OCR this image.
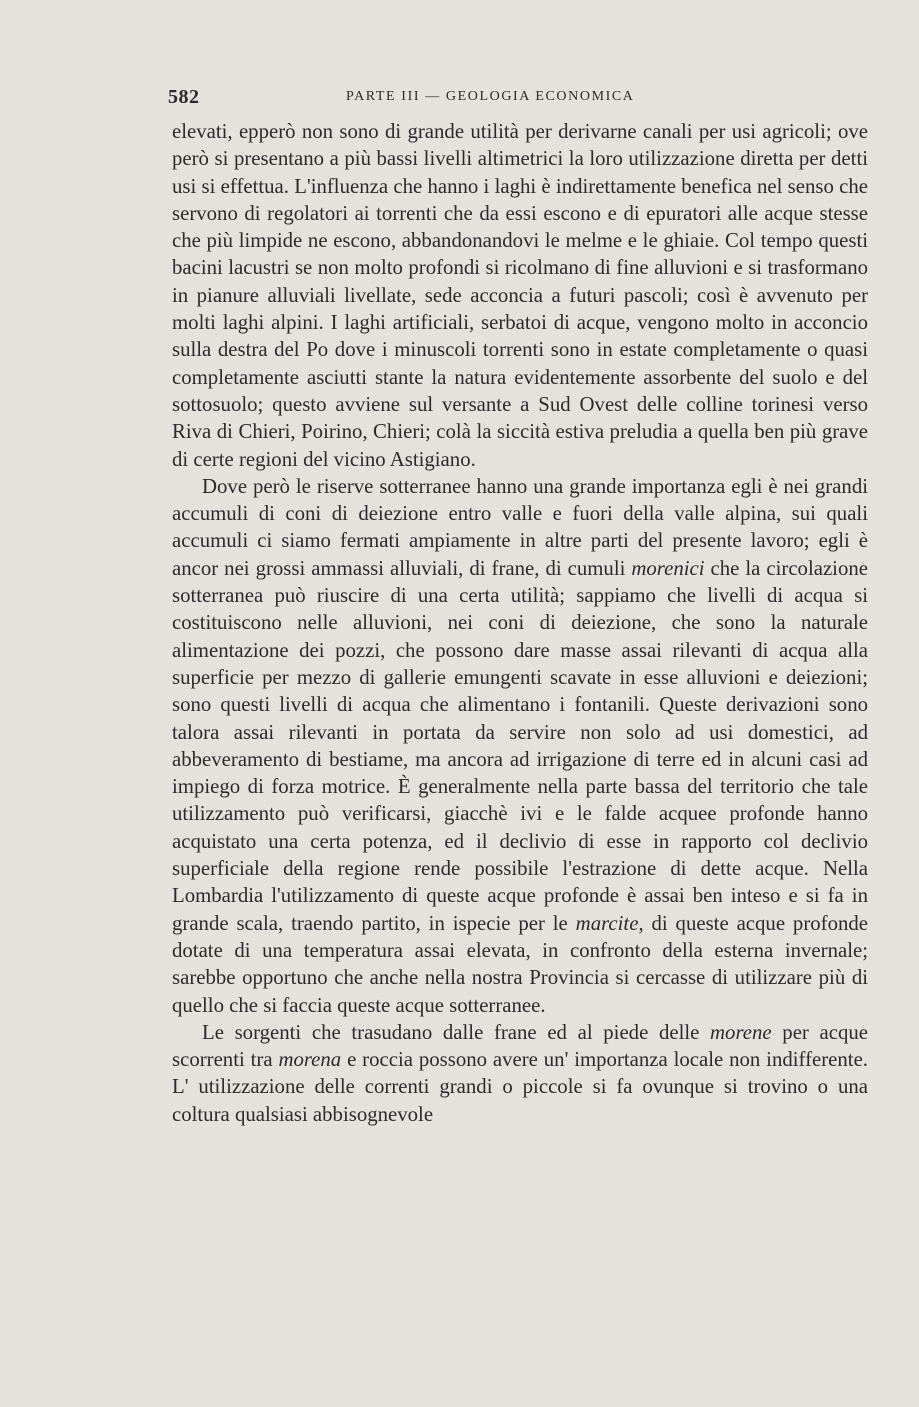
582	PARTE III — GEOLOGIA ECONOMICA

elevati, epperò non sono di grande utilità per derivarne canali per usi agricoli; ove però si presentano a più bassi livelli altimetrici la loro utilizzazione diretta per detti usi si effettua. L'influenza che hanno i laghi è indirettamente benefica nel senso che servono di regolatori ai torrenti che da essi escono e di epuratori alle acque stesse che più limpide ne escono, abbandonandovi le melme e le ghiaie. Col tempo questi bacini lacustri se non molto profondi si ricolmano di fine alluvioni e si trasformano in pianure alluviali livellate, sede acconcia a futuri pascoli; così è avvenuto per molti laghi alpini. I laghi artificiali, serbatoi di acque, vengono molto in acconcio sulla destra del Po dove i minuscoli torrenti sono in estate completamente o quasi completamente asciutti stante la natura evidentemente assorbente del suolo e del sottosuolo; questo avviene sul versante a Sud Ovest delle colline torinesi verso Riva di Chieri, Poirino, Chieri; colà la siccità estiva preludia a quella ben più grave di certe regioni del vicino Astigiano.

Dove però le riserve sotterranee hanno una grande importanza egli è nei grandi accumuli di coni di deiezione entro valle e fuori della valle alpina, sui quali accumuli ci siamo fermati ampiamente in altre parti del presente lavoro; egli è ancor nei grossi ammassi alluviali, di frane, di cumuli morenici che la circolazione sotterranea può riuscire di una certa utilità; sappiamo che livelli di acqua si costituiscono nelle alluvioni, nei coni di deiezione, che sono la naturale alimentazione dei pozzi, che possono dare masse assai rilevanti di acqua alla superficie per mezzo di gallerie emungenti scavate in esse alluvioni e deiezioni; sono questi livelli di acqua che alimentano i fontanili. Queste derivazioni sono talora assai rilevanti in portata da servire non solo ad usi domestici, ad abbeveramento di bestiame, ma ancora ad irrigazione di terre ed in alcuni casi ad impiego di forza motrice. È generalmente nella parte bassa del territorio che tale utilizzamento può verificarsi, giacchè ivi e le falde acquee profonde hanno acquistato una certa potenza, ed il declivio di esse in rapporto col declivio superficiale della regione rende possibile l'estrazione di dette acque. Nella Lombardia l'utilizzamento di queste acque profonde è assai ben inteso e si fa in grande scala, traendo partito, in ispecie per le marcite, di queste acque profonde dotate di una temperatura assai elevata, in confronto della esterna invernale; sarebbe opportuno che anche nella nostra Provincia si cercasse di utilizzare più di quello che si faccia queste acque sotterranee.

Le sorgenti che trasudano dalle frane ed al piede delle morene per acque scorrenti tra morena e roccia possono avere un' importanza locale non indifferente. L' utilizzazione delle correnti grandi o piccole si fa ovunque si trovino o una coltura qualsiasi abbisognevole
